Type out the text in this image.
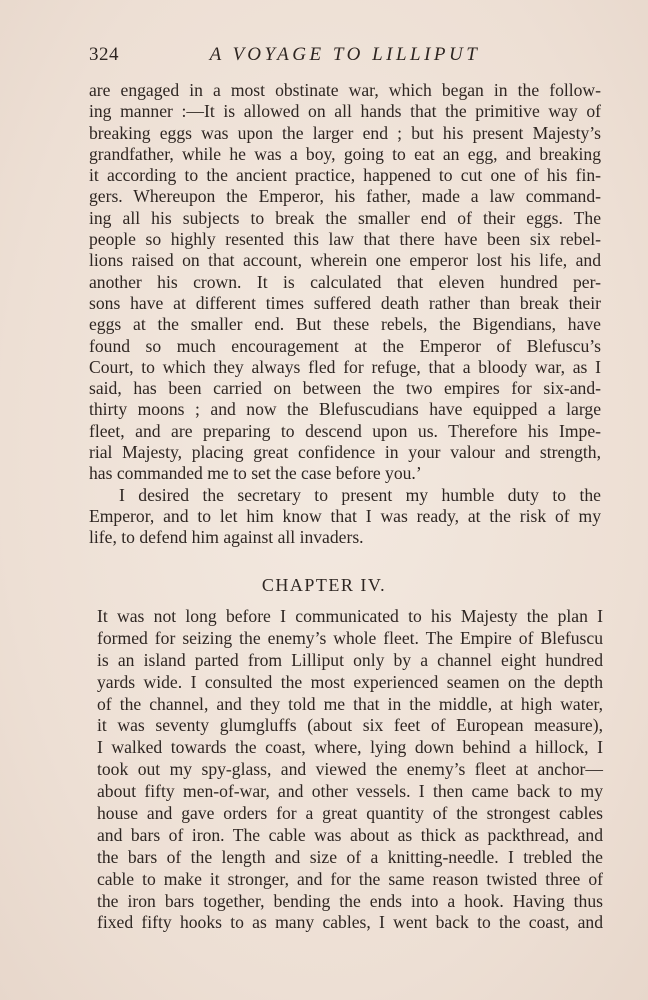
324	A VOYAGE TO LILLIPUT
are engaged in a most obstinate war, which began in the follow-
ing manner :—It is allowed on all hands that the primitive way of
breaking eggs was upon the larger end ; but his present Majesty’s
grandfather, while he was a boy, going to eat an egg, and breaking
it according to the ancient practice, happened to cut one of his fin-
gers. Whereupon the Emperor, his father, made a law command-
ing all his subjects to break the smaller end of their eggs. The
people so highly resented this law that there have been six rebel-
lions raised on that account, wherein one emperor lost his life, and
another his crown. It is calculated that eleven hundred per-
sons have at different times suffered death rather than break their
eggs at the smaller end. But these rebels, the Bigendians, have
found so much encouragement at the Emperor of Blefuscu’s
Court, to which they always fled for refuge, that a bloody war, as I
said, has been carried on between the two empires for six-and-
thirty moons ; and now the Blefuscudians have equipped a large
fleet, and are preparing to descend upon us. Therefore his Impe-
rial Majesty, placing great confidence in your valour and strength,
has commanded me to set the case before you.’
I desired the secretary to present my humble duty to the
Emperor, and to let him know that I was ready, at the risk of my
life, to defend him against all invaders.
CHAPTER IV.
It was not long before I communicated to his Majesty the plan I
formed for seizing the enemy’s whole fleet. The Empire of Blefuscu
is an island parted from Lilliput only by a channel eight hundred
yards wide. I consulted the most experienced seamen on the depth
of the channel, and they told me that in the middle, at high water,
it was seventy glumgluffs (about six feet of European measure),
I walked towards the coast, where, lying down behind a hillock, I
took out my spy-glass, and viewed the enemy’s fleet at anchor—
about fifty men-of-war, and other vessels. I then came back to my
house and gave orders for a great quantity of the strongest cables
and bars of iron. The cable was about as thick as packthread, and
the bars of the length and size of a knitting-needle. I trebled the
cable to make it stronger, and for the same reason twisted three of
the iron bars together, bending the ends into a hook. Having thus
fixed fifty hooks to as many cables, I went back to the coast, and
